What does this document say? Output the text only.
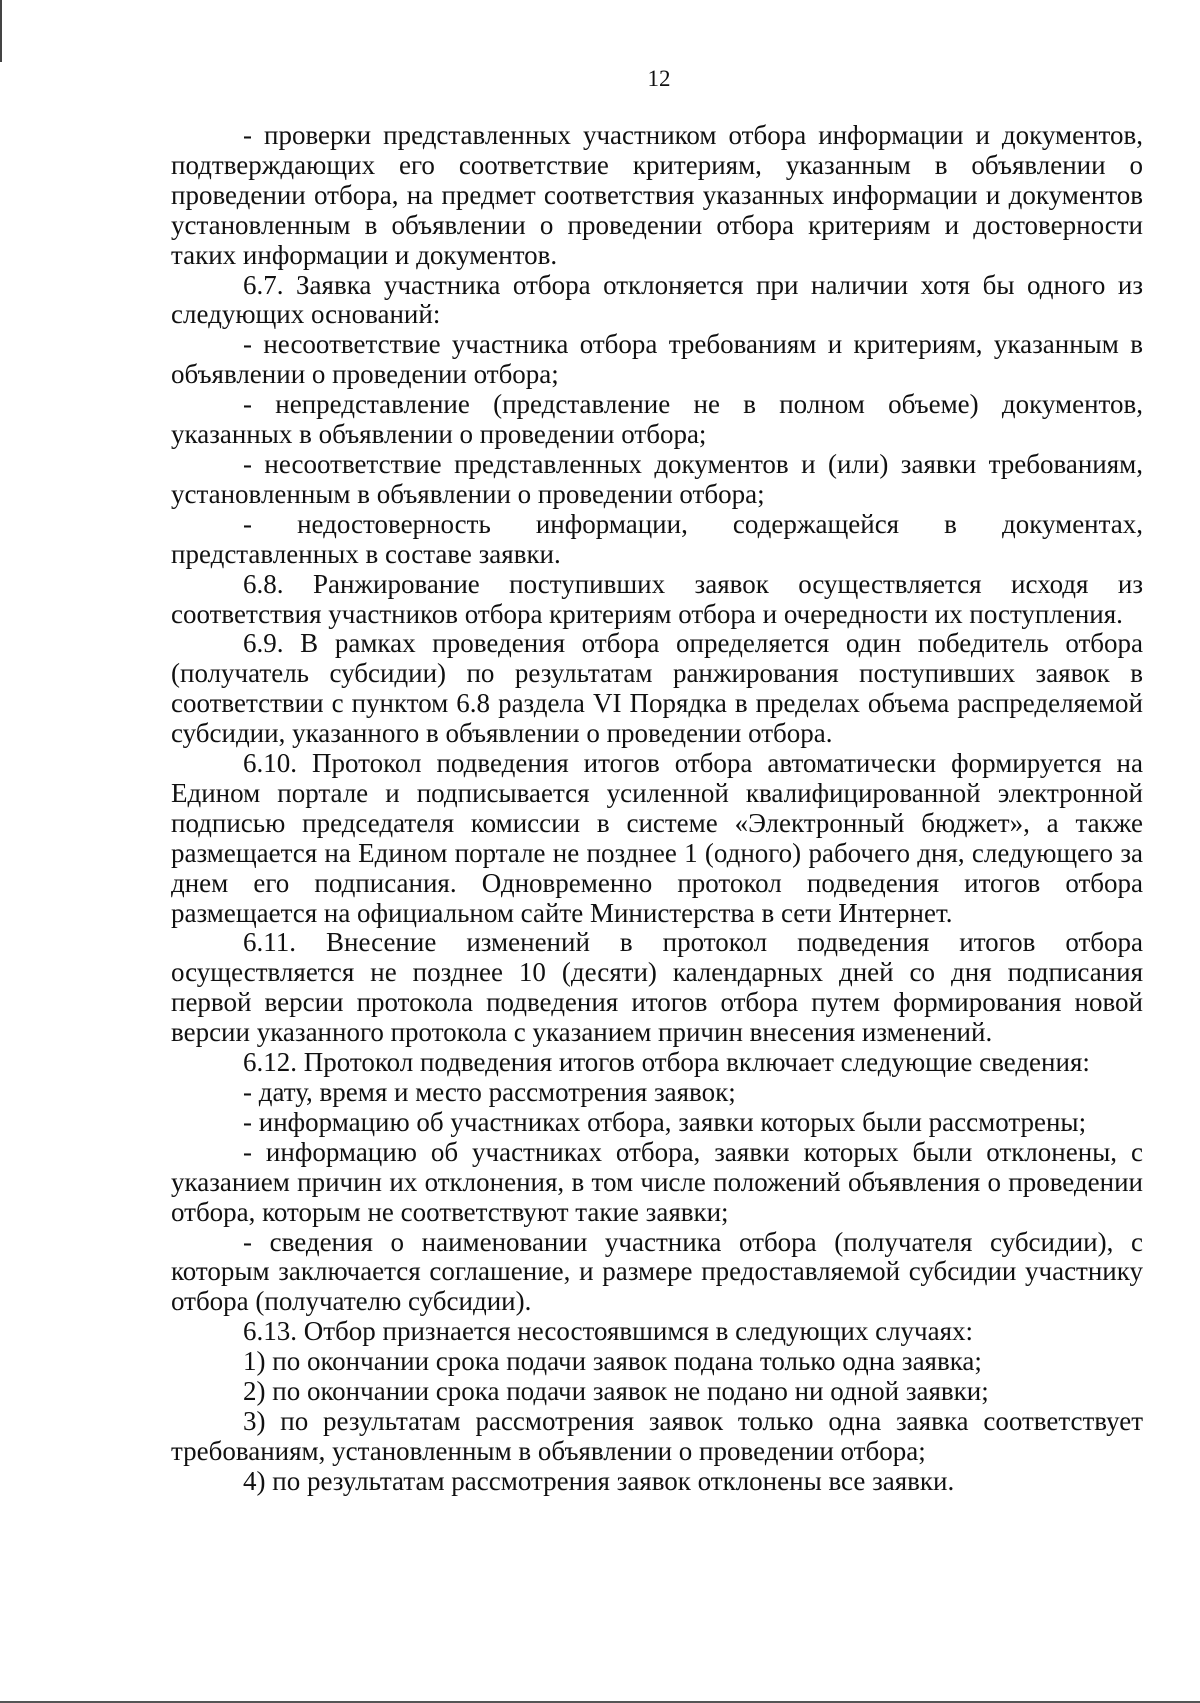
12

- проверки представленных участником отбора информации и документов, подтверждающих его соответствие критериям, указанным в объявлении о проведении отбора, на предмет соответствия указанных информации и документов установленным в объявлении о проведении отбора критериям и достоверности таких информации и документов.

6.7. Заявка участника отбора отклоняется при наличии хотя бы одного из следующих оснований:

- несоответствие участника отбора требованиям и критериям, указанным в объявлении о проведении отбора;

- непредставление (представление не в полном объеме) документов, указанных в объявлении о проведении отбора;

- несоответствие представленных документов и (или) заявки требованиям, установленным в объявлении о проведении отбора;

- недостоверность информации, содержащейся в документах, представленных в составе заявки.

6.8. Ранжирование поступивших заявок осуществляется исходя из соответствия участников отбора критериям отбора и очередности их поступления.

6.9. В рамках проведения отбора определяется один победитель отбора (получатель субсидии) по результатам ранжирования поступивших заявок в соответствии с пунктом 6.8 раздела VI Порядка в пределах объема распределяемой субсидии, указанного в объявлении о проведении отбора.

6.10. Протокол подведения итогов отбора автоматически формируется на Едином портале и подписывается усиленной квалифицированной электронной подписью председателя комиссии в системе «Электронный бюджет», а также размещается на Едином портале не позднее 1 (одного) рабочего дня, следующего за днем его подписания. Одновременно протокол подведения итогов отбора размещается на официальном сайте Министерства в сети Интернет.

6.11. Внесение изменений в протокол подведения итогов отбора осуществляется не позднее 10 (десяти) календарных дней со дня подписания первой версии протокола подведения итогов отбора путем формирования новой версии указанного протокола с указанием причин внесения изменений.

6.12. Протокол подведения итогов отбора включает следующие сведения:

- дату, время и место рассмотрения заявок;

- информацию об участниках отбора, заявки которых были рассмотрены;

- информацию об участниках отбора, заявки которых были отклонены, с указанием причин их отклонения, в том числе положений объявления о проведении отбора, которым не соответствуют такие заявки;

- сведения о наименовании участника отбора (получателя субсидии), с которым заключается соглашение, и размере предоставляемой субсидии участнику отбора (получателю субсидии).

6.13. Отбор признается несостоявшимся в следующих случаях:

1) по окончании срока подачи заявок подана только одна заявка;

2) по окончании срока подачи заявок не подано ни одной заявки;

3) по результатам рассмотрения заявок только одна заявка соответствует требованиям, установленным в объявлении о проведении отбора;

4) по результатам рассмотрения заявок отклонены все заявки.
